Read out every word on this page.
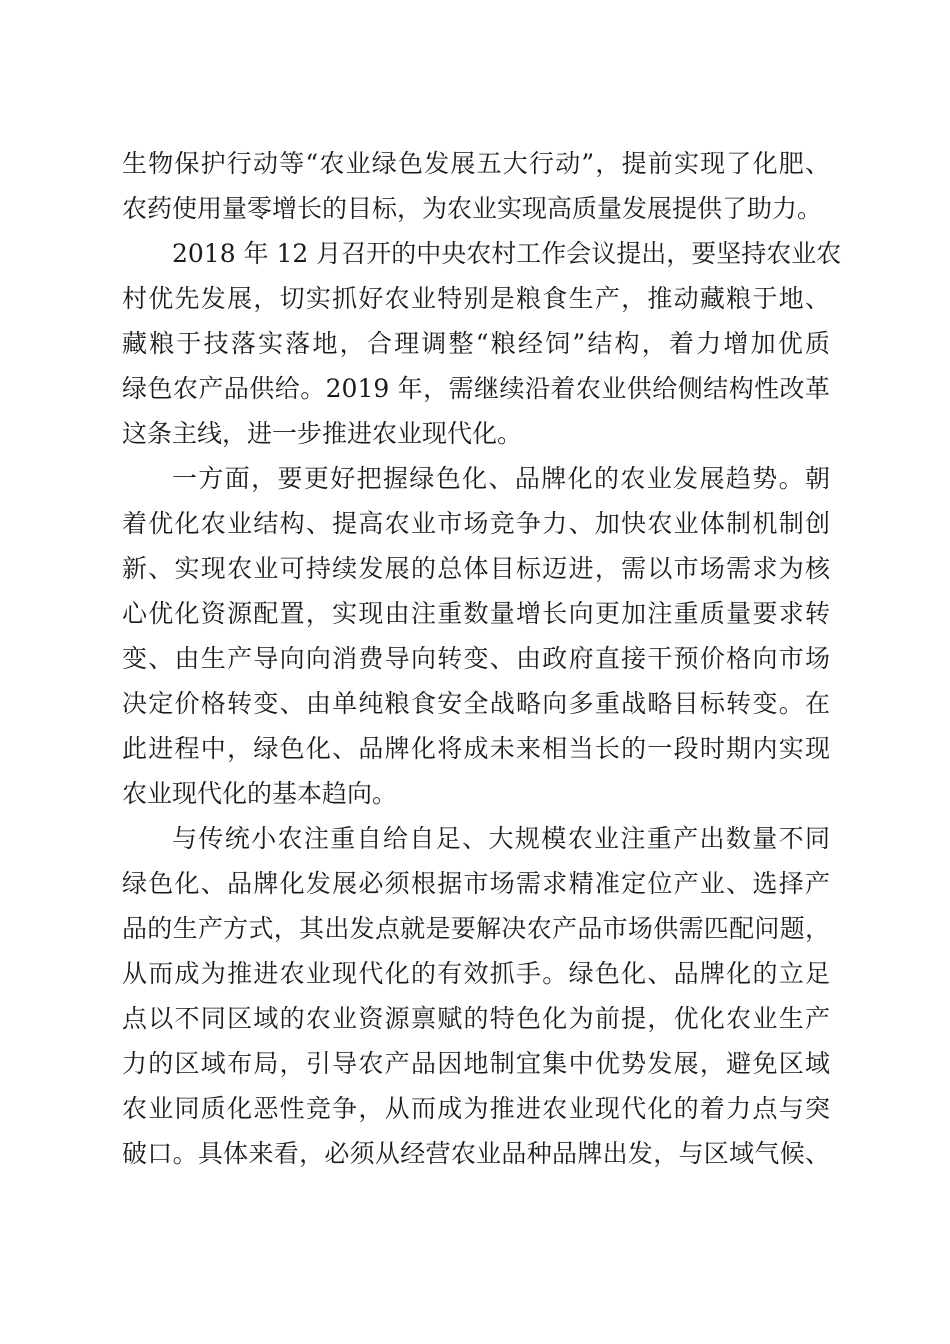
生物保护行动等“农业绿色发展五大行动”，提前实现了化肥、
农药使用量零增长的目标，为农业实现高质量发展提供了助力。
2018 年 12 月召开的中央农村工作会议提出，要坚持农业农
村优先发展，切实抓好农业特别是粮食生产，推动藏粮于地、
藏粮于技落实落地，合理调整“粮经饲”结构，着力增加优质
绿色农产品供给。2019 年，需继续沿着农业供给侧结构性改革
这条主线，进一步推进农业现代化。
一方面，要更好把握绿色化、品牌化的农业发展趋势。朝
着优化农业结构、提高农业市场竞争力、加快农业体制机制创
新、实现农业可持续发展的总体目标迈进，需以市场需求为核
心优化资源配置，实现由注重数量增长向更加注重质量要求转
变、由生产导向向消费导向转变、由政府直接干预价格向市场
决定价格转变、由单纯粮食安全战略向多重战略目标转变。在
此进程中，绿色化、品牌化将成未来相当长的一段时期内实现
农业现代化的基本趋向。
与传统小农注重自给自足、大规模农业注重产出数量不同
绿色化、品牌化发展必须根据市场需求精准定位产业、选择产
品的生产方式，其出发点就是要解决农产品市场供需匹配问题，
从而成为推进农业现代化的有效抓手。绿色化、品牌化的立足
点以不同区域的农业资源禀赋的特色化为前提，优化农业生产
力的区域布局，引导农产品因地制宜集中优势发展，避免区域
农业同质化恶性竞争，从而成为推进农业现代化的着力点与突
破口。具体来看，必须从经营农业品种品牌出发，与区域气候、
